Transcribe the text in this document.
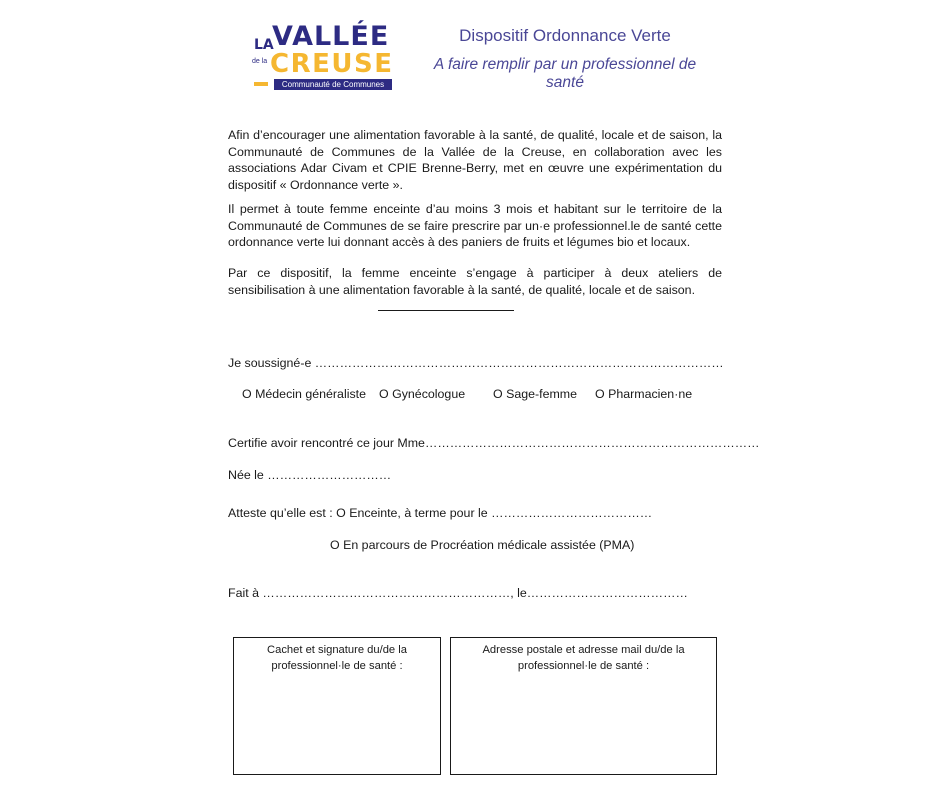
LA
VALLÉE
de la CREUSE
Communauté de Communes
Dispositif Ordonnance Verte
A faire remplir par un professionnel de santé
Afin d’encourager une alimentation favorable à la santé, de qualité, locale et de saison, la Communauté de Communes de la Vallée de la Creuse, en collaboration avec les associations Adar Civam et CPIE Brenne-Berry, met en œuvre une expérimentation du dispositif « Ordonnance verte ».
Il permet à toute femme enceinte d’au moins 3 mois et habitant sur le territoire de la Communauté de Communes de se faire prescrire par un·e professionnel.le de santé cette ordonnance verte lui donnant accès à des paniers de fruits et légumes bio et locaux.
Par ce dispositif, la femme enceinte s’engage à participer à deux ateliers de sensibilisation à une alimentation favorable à la santé, de qualité, locale et de saison.
Je soussigné-e ………………………………………………………………………………………
O Médecin généraliste O Gynécologue O Sage-femme O Pharmacien·ne
Certifie avoir rencontré ce jour Mme………………………………………………………………………
Née le …………………………
Atteste qu’elle est : O Enceinte, à terme pour le …………………………………
O En parcours de Procréation médicale assistée (PMA)
Fait à ……………………………………………………, le…………………………………
Cachet et signature du/de la professionnel·le de santé :
Adresse postale et adresse mail du/de la professionnel·le de santé :
